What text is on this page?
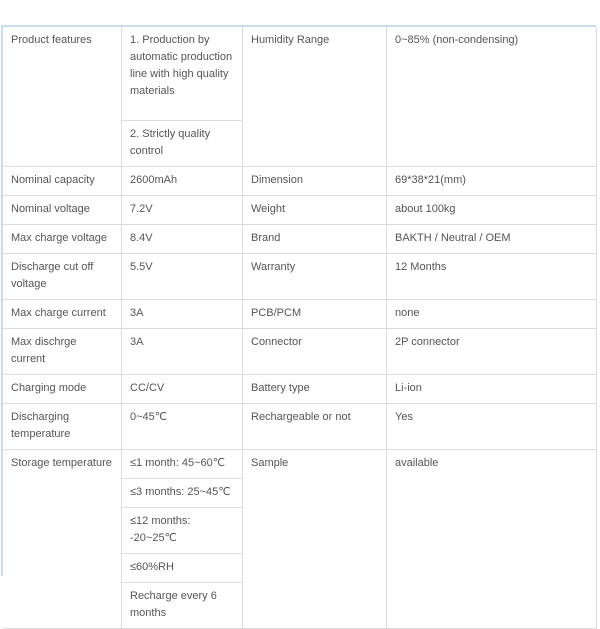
Product features	1. Production by automatic production line with high quality materials	Humidity Range	0~85% (non-condensing)
	2. Strictly quality control		
Nominal capacity	2600mAh	Dimension	69*38*21(mm)
Nominal voltage	7.2V	Weight	about 100kg
Max charge voltage	8.4V	Brand	BAKTH / Neutral / OEM
Discharge cut off voltage	5.5V	Warranty	12 Months
Max charge current	3A	PCB/PCM	none
Max dischrge current	3A	Connector	2P connector
Charging mode	CC/CV	Battery type	Li-ion
Discharging temperature	0~45℃	Rechargeable or not	Yes
Storage temperature	≤1 month: 45~60℃	Sample	available
	≤3 months: 25~45℃		
	≤12 months: -20~25℃		
	≤60%RH		
	Recharge every 6 months		
